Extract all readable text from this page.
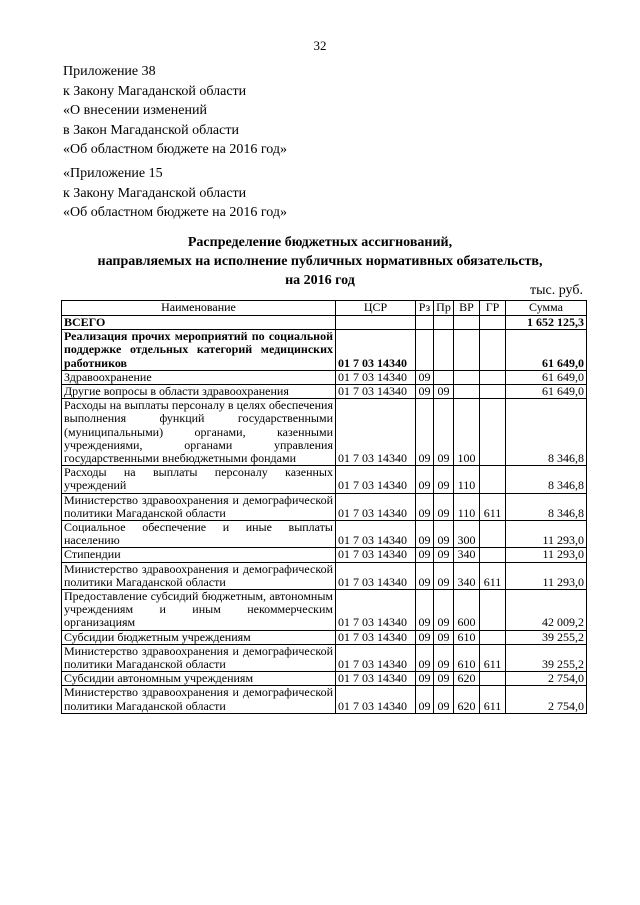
32
Приложение 38
к Закону Магаданской области
«О внесении изменений
в Закон Магаданской области
«Об областном бюджете на 2016 год»
«Приложение 15
к Закону Магаданской области
«Об областном бюджете на 2016 год»
Распределение бюджетных ассигнований,
направляемых на исполнение публичных нормативных обязательств,
на 2016 год
тыс. руб.
Наименование	ЦСР	Рз	Пр	ВР	ГР	Сумма
ВСЕГО						1 652 125,3
Реализация прочих мероприятий по социальной поддержке отдельных категорий медицинских работников	01 7 03 14340					61 649,0
Здравоохранение	01 7 03 14340	09				61 649,0
Другие вопросы в области здравоохранения	01 7 03 14340	09	09			61 649,0
Расходы на выплаты персоналу в целях обеспечения выполнения функций государственными (муниципальными) органами, казенными учреждениями, органами управления государственными внебюджетными фондами	01 7 03 14340	09	09	100		8 346,8
Расходы на выплаты персоналу казенных учреждений	01 7 03 14340	09	09	110		8 346,8
Министерство здравоохранения и демографической политики Магаданской области	01 7 03 14340	09	09	110	611	8 346,8
Социальное обеспечение и иные выплаты населению	01 7 03 14340	09	09	300		11 293,0
Стипендии	01 7 03 14340	09	09	340		11 293,0
Министерство здравоохранения и демографической политики Магаданской области	01 7 03 14340	09	09	340	611	11 293,0
Предоставление субсидий бюджетным, автономным учреждениям и иным некоммерческим организациям	01 7 03 14340	09	09	600		42 009,2
Субсидии бюджетным учреждениям	01 7 03 14340	09	09	610		39 255,2
Министерство здравоохранения и демографической политики Магаданской области	01 7 03 14340	09	09	610	611	39 255,2
Субсидии автономным учреждениям	01 7 03 14340	09	09	620		2 754,0
Министерство здравоохранения и демографической политики Магаданской области	01 7 03 14340	09	09	620	611	2 754,0
